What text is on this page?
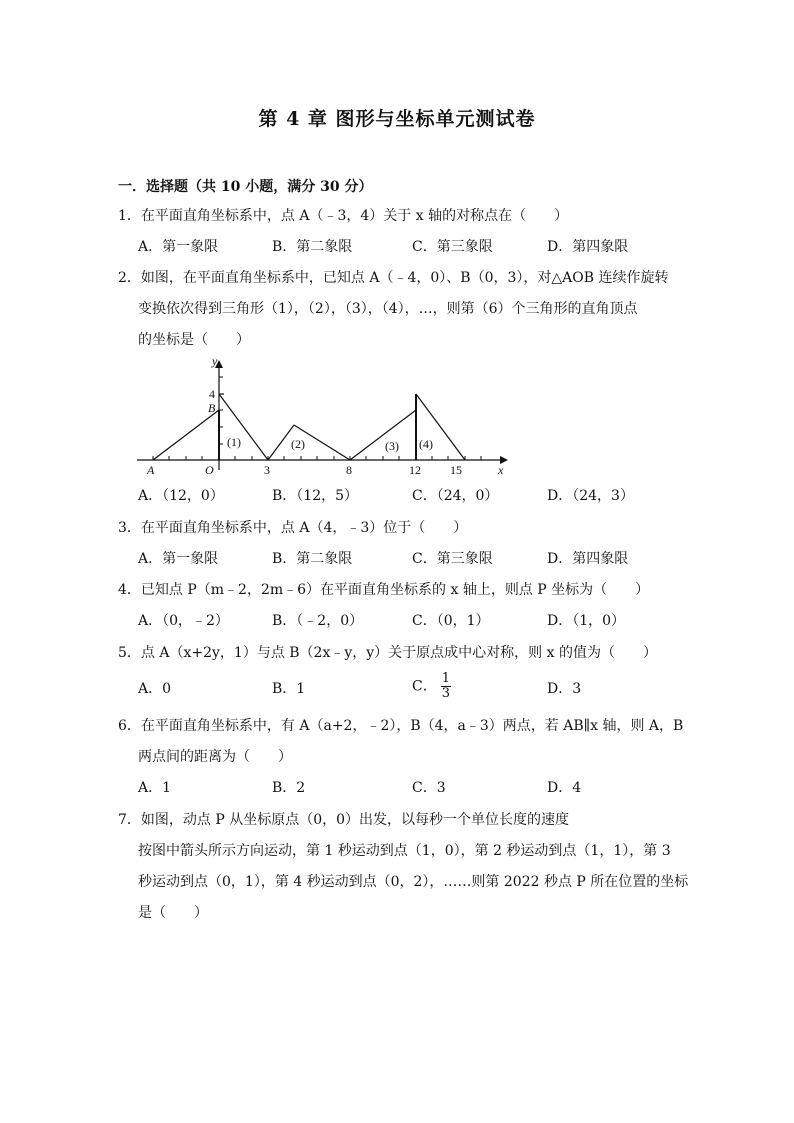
第 4 章 图形与坐标单元测试卷
一．选择题（共 10 小题，满分 30 分）
1．在平面直角坐标系中，点 A（﹣3，4）关于 x 轴的对称点在（　　）
A．第一象限	B．第二象限	C．第三象限	D．第四象限
2．如图，在平面直角坐标系中，已知点 A（﹣4，0）、B（0，3），对△AOB 连续作旋转
变换依次得到三角形（1），（2），（3），（4），…，则第（6）个三角形的直角顶点
的坐标是（　　）
y
x
A	O	3	8	12 15
4
B
(1)	(2)	(3) (4)
A．（12，0）	B．（12，5）	C．（24，0）	D．（24，3）
3．在平面直角坐标系中，点 A（4，﹣3）位于（　　）
A．第一象限	B．第二象限	C．第三象限	D．第四象限
4．已知点 P（m﹣2，2m﹣6）在平面直角坐标系的 x 轴上，则点 P 坐标为（　　）
A．（0，﹣2）	B．（﹣2，0）	C．（0，1）	D．（1，0）
5．点 A（x+2y，1）与点 B（2x﹣y，y）关于原点成中心对称，则 x 的值为（　　）
A．0	B．1	C． $\frac{1}{3}$	D．3
6．在平面直角坐标系中，有 A（a+2，﹣2），B（4，a﹣3）两点，若 AB∥x 轴，则 A，B
两点间的距离为（　　）
A．1	B．2	C．3	D．4
7．如图，动点 P 从坐标原点（0，0）出发，以每秒一个单位长度的速度
按图中箭头所示方向运动，第 1 秒运动到点（1，0），第 2 秒运动到点（1，1），第 3
秒运动到点（0，1），第 4 秒运动到点（0，2），……则第 2022 秒点 P 所在位置的坐标
是（　　）
